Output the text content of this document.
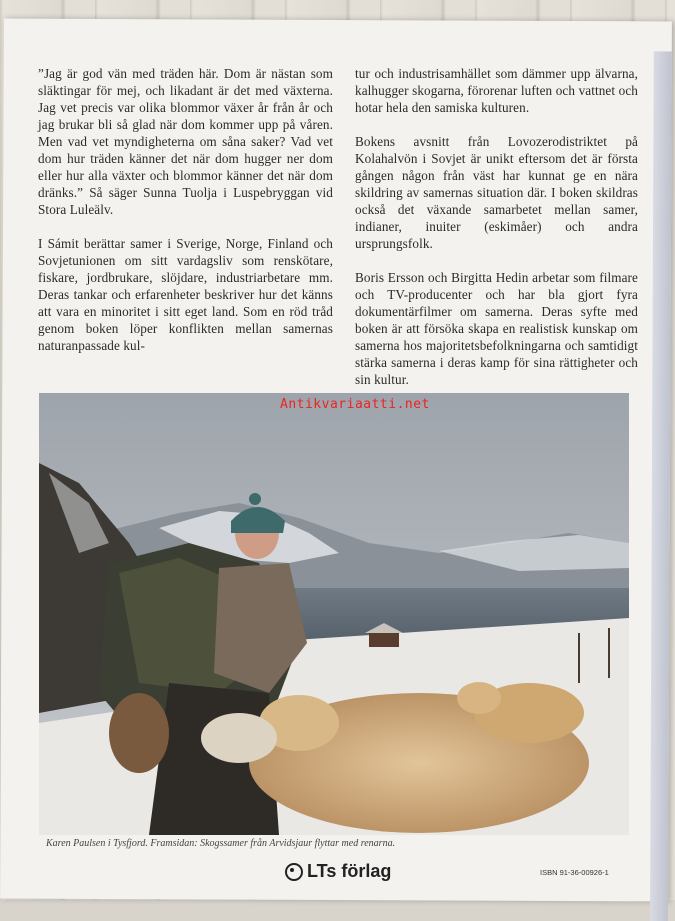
”Jag är god vän med träden här. Dom är nästan som släktingar för mej, och likadant är det med växterna. Jag vet precis var olika blommor växer år från år och jag brukar bli så glad när dom kommer upp på våren. Men vad vet myndigheterna om såna saker? Vad vet dom hur träden känner det när dom hugger ner dom eller hur alla växter och blommor känner det när dom dränks.” Så säger Sunna Tuolja i Luspebryggan vid Stora Luleälv.

I Sámit berättar samer i Sverige, Norge, Finland och Sovjetunionen om sitt vardagsliv som renskötare, fiskare, jordbrukare, slöjdare, industriarbetare mm. Deras tankar och erfarenheter beskriver hur det känns att vara en minoritet i sitt eget land. Som en röd tråd genom boken löper konflikten mellan samernas naturanpassade kul-

tur och industrisamhället som dämmer upp älvarna, kalhugger skogarna, förorenar luften och vattnet och hotar hela den samiska kulturen.

Bokens avsnitt från Lovozerodistriktet på Kolahalvön i Sovjet är unikt eftersom det är första gången någon från väst har kunnat ge en nära skildring av samernas situation där. I boken skildras också det växande samarbetet mellan samer, indianer, inuiter (eskimåer) och andra ursprungsfolk.

Boris Ersson och Birgitta Hedin arbetar som filmare och TV-producenter och har bla gjort fyra dokumentärfilmer om samerna. Deras syfte med boken är att försöka skapa en realistisk kunskap om samerna hos majoritetsbefolkningarna och samtidigt stärka samerna i deras kamp för sina rättigheter och sin kultur.

Antikvariaatti.net
Karen Paulsen i Tysfjord. Framsidan: Skogssamer från Arvidsjaur flyttar med renarna.
LTs förlag	ISBN 91-36-00926-1
